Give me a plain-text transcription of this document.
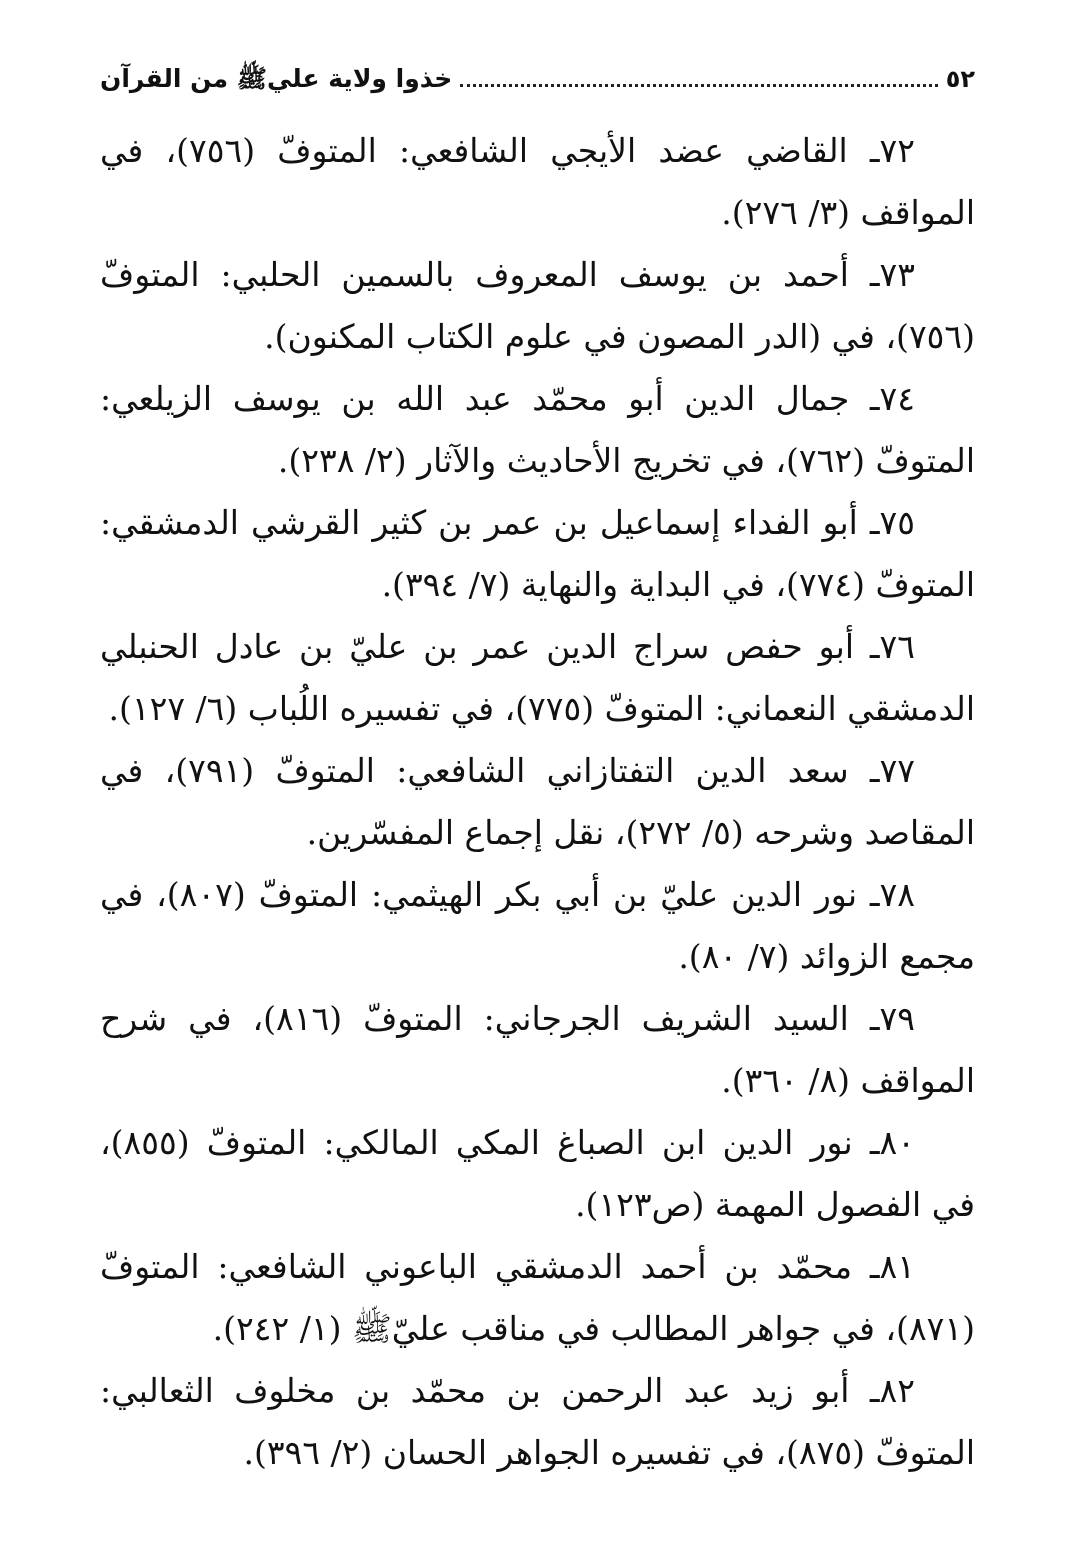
خذوا ولاية عليﷺ من القرآن	٥٢

٧٢ـ القاضي عضد الأيجي الشافعي: المتوفّ (٧٥٦)، في المواقف (٣/ ٢٧٦).

٧٣ـ أحمد بن يوسف المعروف بالسمين الحلبي: المتوفّ (٧٥٦)، في (الدر المصون في علوم الكتاب المكنون).

٧٤ـ جمال الدين أبو محمّد عبد الله بن يوسف الزيلعي: المتوفّ (٧٦٢)، في تخريج الأحاديث والآثار (٢/ ٢٣٨).

٧٥ـ أبو الفداء إسماعيل بن عمر بن كثير القرشي الدمشقي: المتوفّ (٧٧٤)، في البداية والنهاية (٧/ ٣٩٤).

٧٦ـ أبو حفص سراج الدين عمر بن عليّ بن عادل الحنبلي الدمشقي النعماني: المتوفّ (٧٧٥)، في تفسيره اللُباب (٦/ ١٢٧).

٧٧ـ سعد الدين التفتازاني الشافعي: المتوفّ (٧٩١)، في المقاصد وشرحه (٥/ ٢٧٢)، نقل إجماع المفسّرين.

٧٨ـ نور الدين عليّ بن أبي بكر الهيثمي: المتوفّ (٨٠٧)، في مجمع الزوائد (٧/ ٨٠).

٧٩ـ السيد الشريف الجرجاني: المتوفّ (٨١٦)، في شرح المواقف (٨/ ٣٦٠).

٨٠ـ نور الدين ابن الصباغ المكي المالكي: المتوفّ (٨٥٥)، في الفصول المهمة (ص١٢٣).

٨١ـ محمّد بن أحمد الدمشقي الباعوني الشافعي: المتوفّ (٨٧١)، في جواهر المطالب في مناقب عليّﷺ (١/ ٢٤٢).

٨٢ـ أبو زيد عبد الرحمن بن محمّد بن مخلوف الثعالبي: المتوفّ (٨٧٥)، في تفسيره الجواهر الحسان (٢/ ٣٩٦).
